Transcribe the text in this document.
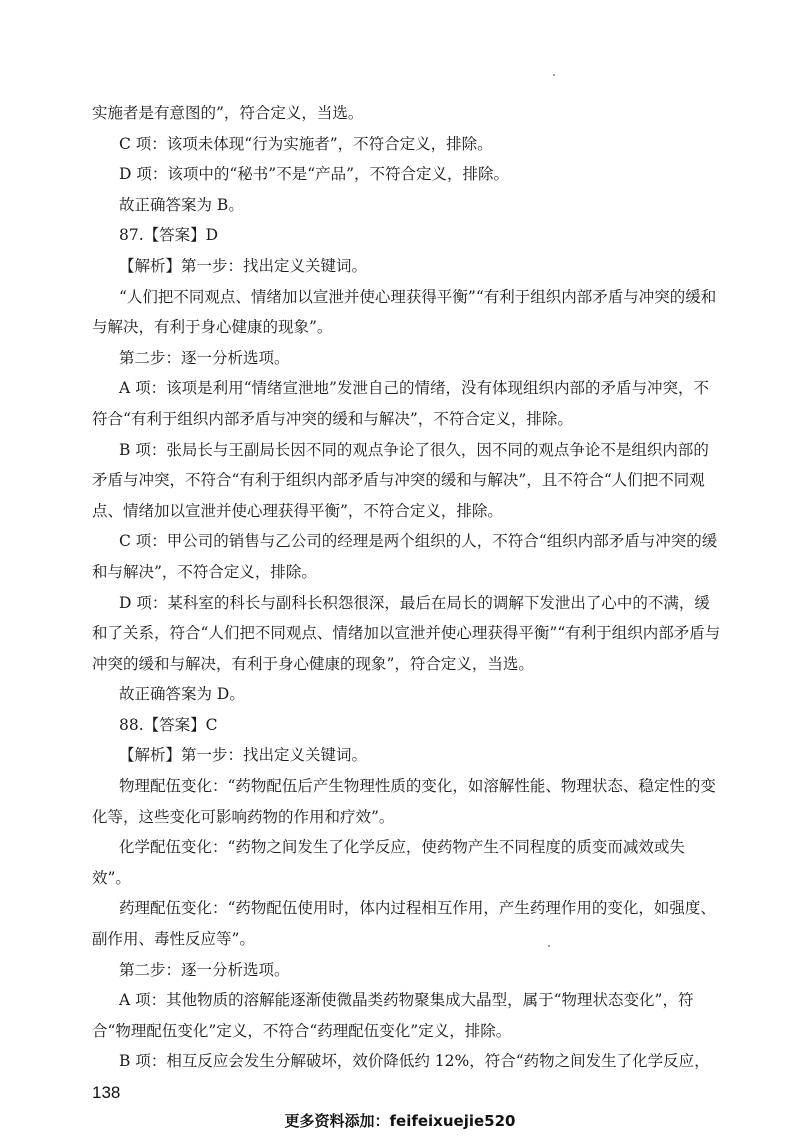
实施者是有意图的”，符合定义，当选。

C 项：该项未体现“行为实施者”，不符合定义，排除。

D 项：该项中的“秘书”不是“产品”，不符合定义，排除。

故正确答案为 B。

87.【答案】D

【解析】第一步：找出定义关键词。

“人们把不同观点、情绪加以宣泄并使心理获得平衡”“有利于组织内部矛盾与冲突的缓和与解决，有利于身心健康的现象”。

第二步：逐一分析选项。

A 项：该项是利用“情绪宣泄地”发泄自己的情绪，没有体现组织内部的矛盾与冲突，不符合“有利于组织内部矛盾与冲突的缓和与解决”，不符合定义，排除。

B 项：张局长与王副局长因不同的观点争论了很久，因不同的观点争论不是组织内部的矛盾与冲突，不符合“有利于组织内部矛盾与冲突的缓和与解决”，且不符合“人们把不同观点、情绪加以宣泄并使心理获得平衡”，不符合定义，排除。

C 项：甲公司的销售与乙公司的经理是两个组织的人，不符合“组织内部矛盾与冲突的缓和与解决”，不符合定义，排除。

D 项：某科室的科长与副科长积怨很深，最后在局长的调解下发泄出了心中的不满，缓和了关系，符合“人们把不同观点、情绪加以宣泄并使心理获得平衡”“有利于组织内部矛盾与冲突的缓和与解决，有利于身心健康的现象”，符合定义，当选。

故正确答案为 D。

88.【答案】C

【解析】第一步：找出定义关键词。

物理配伍变化：“药物配伍后产生物理性质的变化，如溶解性能、物理状态、稳定性的变化等，这些变化可影响药物的作用和疗效”。

化学配伍变化：“药物之间发生了化学反应，使药物产生不同程度的质变而减效或失效”。

药理配伍变化：“药物配伍使用时，体内过程相互作用，产生药理作用的变化，如强度、副作用、毒性反应等”。

第二步：逐一分析选项。

A 项：其他物质的溶解能逐渐使微晶类药物聚集成大晶型，属于“物理状态变化”，符合“物理配伍变化”定义，不符合“药理配伍变化”定义，排除。

B 项：相互反应会发生分解破坏，效价降低约 12%，符合“药物之间发生了化学反应，

138
更多资料添加：feifeixuejie520
